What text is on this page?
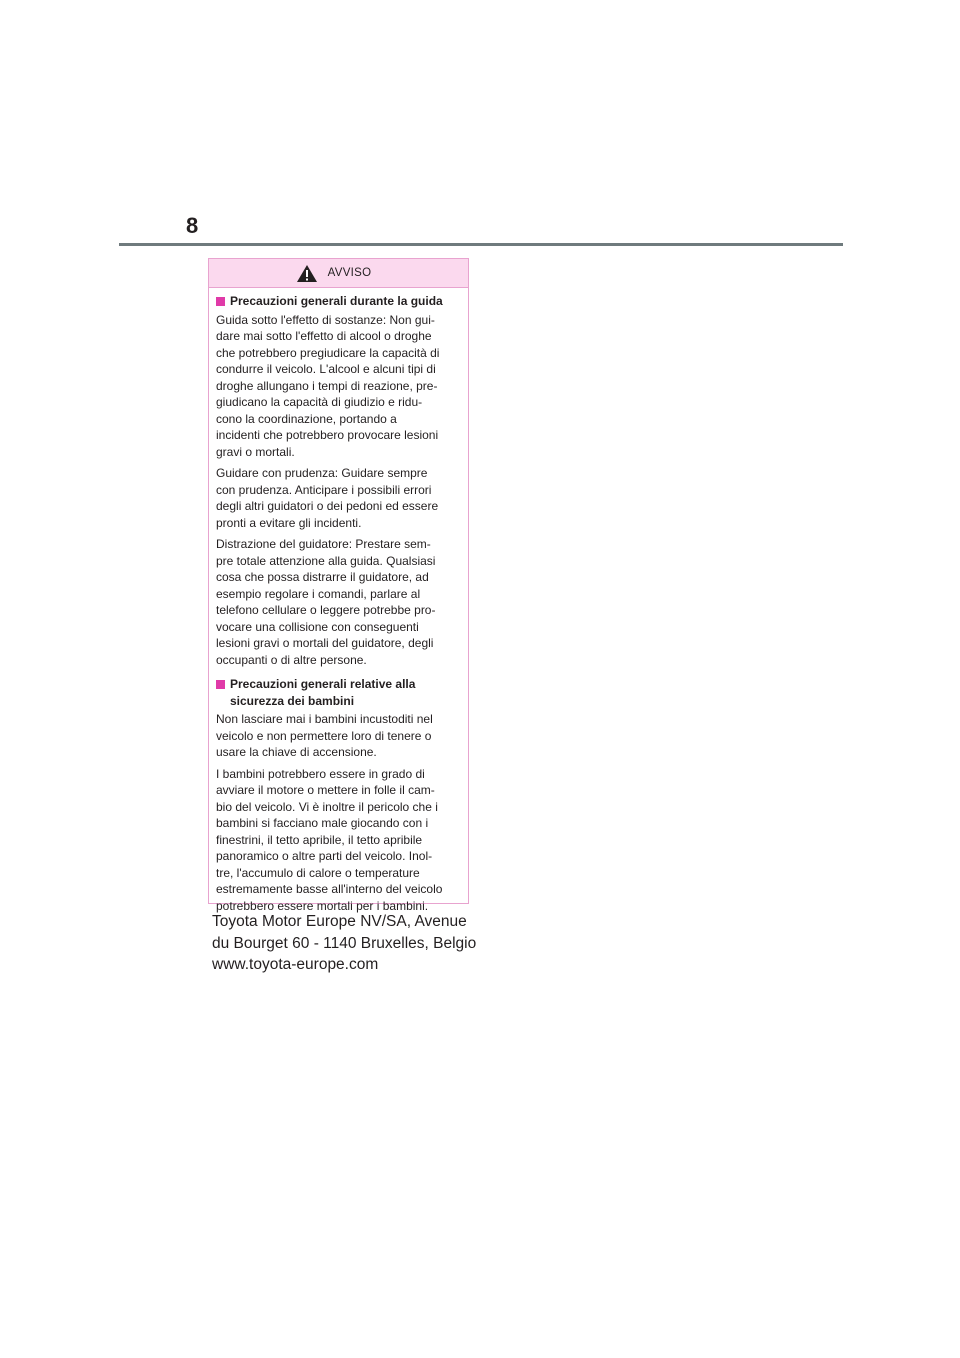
8
AVVISO
Precauzioni generali durante la guida

Guida sotto l'effetto di sostanze: Non gui-
dare mai sotto l'effetto di alcool o droghe
che potrebbero pregiudicare la capacità di
condurre il veicolo. L'alcool e alcuni tipi di
droghe allungano i tempi di reazione, pre-
giudicano la capacità di giudizio e ridu-
cono la coordinazione, portando a
incidenti che potrebbero provocare lesioni
gravi o mortali.

Guidare con prudenza: Guidare sempre
con prudenza. Anticipare i possibili errori
degli altri guidatori o dei pedoni ed essere
pronti a evitare gli incidenti.

Distrazione del guidatore: Prestare sem-
pre totale attenzione alla guida. Qualsiasi
cosa che possa distrarre il guidatore, ad
esempio regolare i comandi, parlare al
telefono cellulare o leggere potrebbe pro-
vocare una collisione con conseguenti
lesioni gravi o mortali del guidatore, degli
occupanti o di altre persone.

Precauzioni generali relative alla
sicurezza dei bambini

Non lasciare mai i bambini incustoditi nel
veicolo e non permettere loro di tenere o
usare la chiave di accensione.

I bambini potrebbero essere in grado di
avviare il motore o mettere in folle il cam-
bio del veicolo. Vi è inoltre il pericolo che i
bambini si facciano male giocando con i
finestrini, il tetto apribile, il tetto apribile
panoramico o altre parti del veicolo. Inol-
tre, l'accumulo di calore o temperature
estremamente basse all'interno del veicolo
potrebbero essere mortali per i bambini.

Toyota Motor Europe NV/SA, Avenue
du Bourget 60 - 1140 Bruxelles, Belgio
www.toyota-europe.com
